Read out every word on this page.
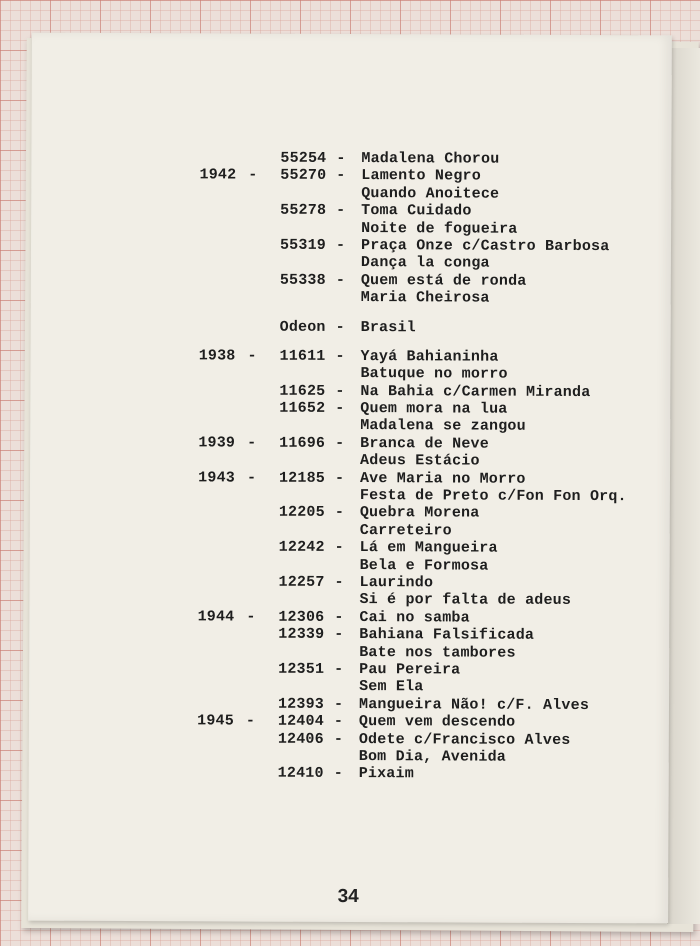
55254 - Madalena Chorou
1942 - 55270 - Lamento Negro
Quando Anoitece
55278 - Toma Cuidado
Noite de fogueira
55319 - Praça Onze c/Castro Barbosa
Dança la conga
55338 - Quem está de ronda
Maria Cheirosa
Odeon - Brasil
1938 - 11611 - Yayá Bahianinha
Batuque no morro
11625 - Na Bahia c/Carmen Miranda
11652 - Quem mora na lua
Madalena se zangou
1939 - 11696 - Branca de Neve
Adeus Estácio
1943 - 12185 - Ave Maria no Morro
Festa de Preto c/Fon Fon Orq.
12205 - Quebra Morena
Carreteiro
12242 - Lá em Mangueira
Bela e Formosa
12257 - Laurindo
Si é por falta de adeus
1944 - 12306 - Cai no samba
12339 - Bahiana Falsificada
Bate nos tambores
12351 - Pau Pereira
Sem Ela
12393 - Mangueira Não! c/F. Alves
1945 - 12404 - Quem vem descendo
12406 - Odete c/Francisco Alves
Bom Dia, Avenida
12410 - Pixaim
34
